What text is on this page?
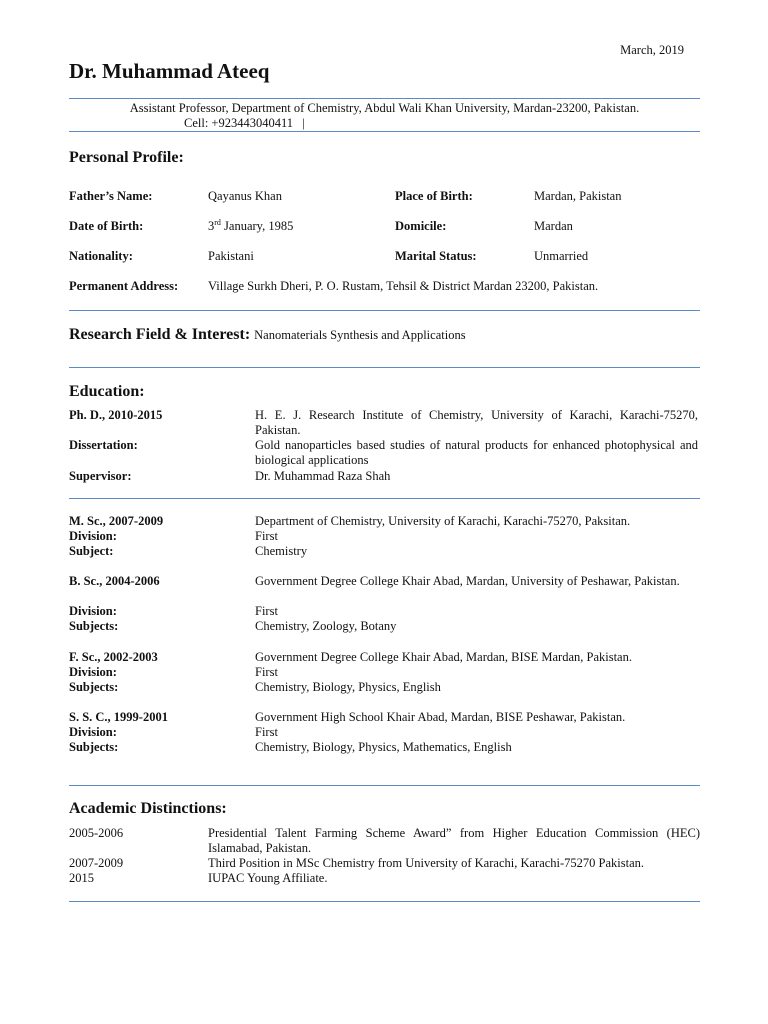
March, 2019
Dr. Muhammad Ateeq
Assistant Professor, Department of Chemistry, Abdul Wali Khan University, Mardan-23200, Pakistan.
Cell: +923443040411   |
Personal Profile:
Father’s Name:	Qayanus Khan	Place of Birth:	Mardan, Pakistan
Date of Birth:	3rd January, 1985	Domicile:	Mardan
Nationality:	Pakistani	Marital Status:	Unmarried
Permanent Address: Village Surkh Dheri, P. O. Rustam, Tehsil & District Mardan 23200, Pakistan.
Research Field & Interest: Nanomaterials Synthesis and Applications
Education:
Ph. D., 2010-2015	H. E. J. Research Institute of Chemistry, University of Karachi, Karachi-75270, Pakistan.
Dissertation:	Gold nanoparticles based studies of natural products for enhanced photophysical and biological applications
Supervisor:	Dr. Muhammad Raza Shah
M. Sc., 2007-2009	Department of Chemistry, University of Karachi, Karachi-75270, Paksitan.
Division:	First
Subject:	Chemistry
B. Sc., 2004-2006	Government Degree College Khair Abad, Mardan, University of Peshawar, Pakistan.
Division:	First
Subjects:	Chemistry, Zoology, Botany
F. Sc., 2002-2003	Government Degree College Khair Abad, Mardan, BISE Mardan, Pakistan.
Division:	First
Subjects:	Chemistry, Biology, Physics, English
S. S. C., 1999-2001	Government High School Khair Abad, Mardan, BISE Peshawar, Pakistan.
Division:	First
Subjects:	Chemistry, Biology, Physics, Mathematics, English
Academic Distinctions:
2005-2006	Presidential Talent Farming Scheme Award” from Higher Education Commission (HEC) Islamabad, Pakistan.
2007-2009	Third Position in MSc Chemistry from University of Karachi, Karachi-75270 Pakistan.
2015	IUPAC Young Affiliate.
